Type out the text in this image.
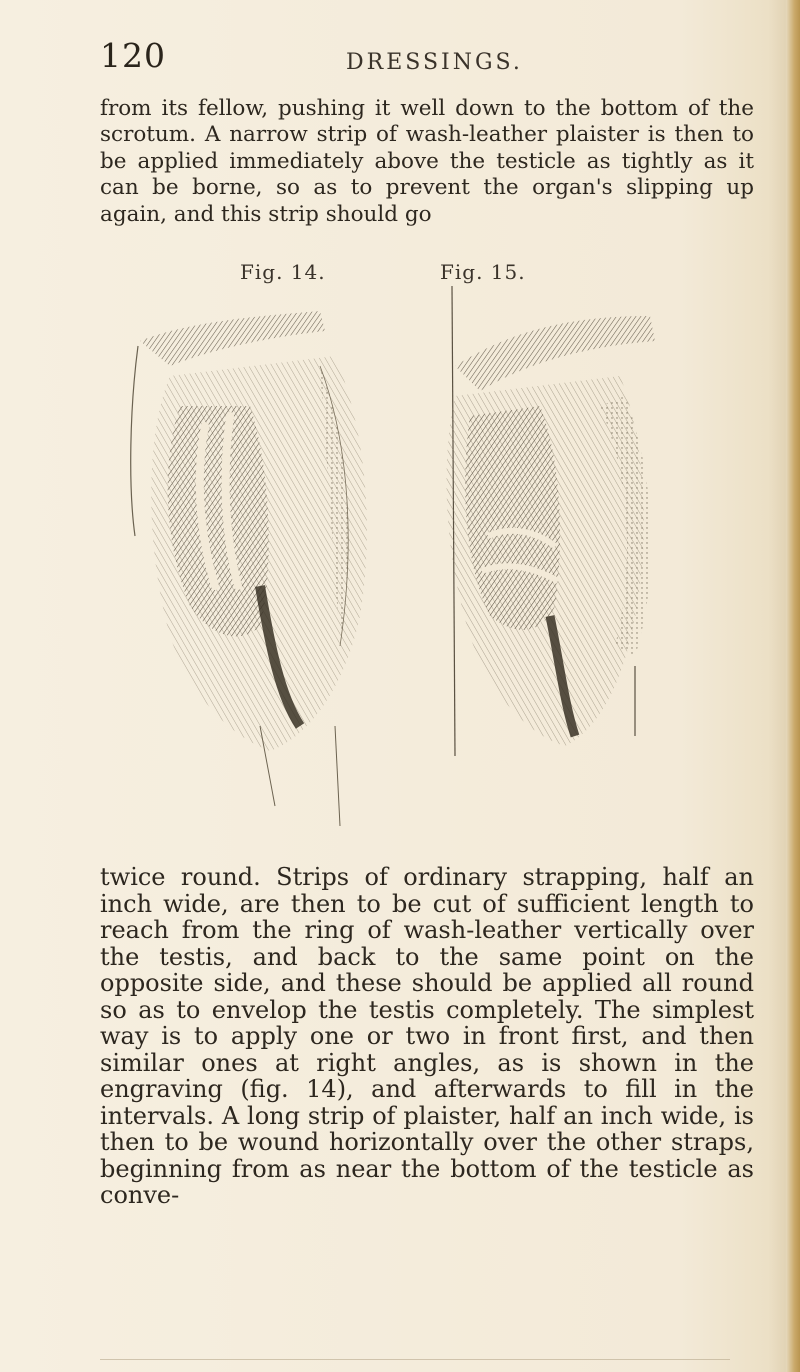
120	DRESSINGS.

from its fellow, pushing it well down to the bottom of the scrotum. A narrow strip of wash-leather plaister is then to be applied immediately above the testicle as tightly as it can be borne, so as to prevent the organ's slipping up again, and this strip should go

Fig. 14.	Fig. 15.

twice round. Strips of ordinary strapping, half an inch wide, are then to be cut of sufficient length to reach from the ring of wash-leather vertically over the testis, and back to the same point on the opposite side, and these should be applied all round so as to envelop the testis completely. The simplest way is to apply one or two in front first, and then similar ones at right angles, as is shown in the engraving (fig. 14), and afterwards to fill in the intervals. A long strip of plaister, half an inch wide, is then to be wound horizontally over the other straps, beginning from as near the bottom of the testicle as conve-
